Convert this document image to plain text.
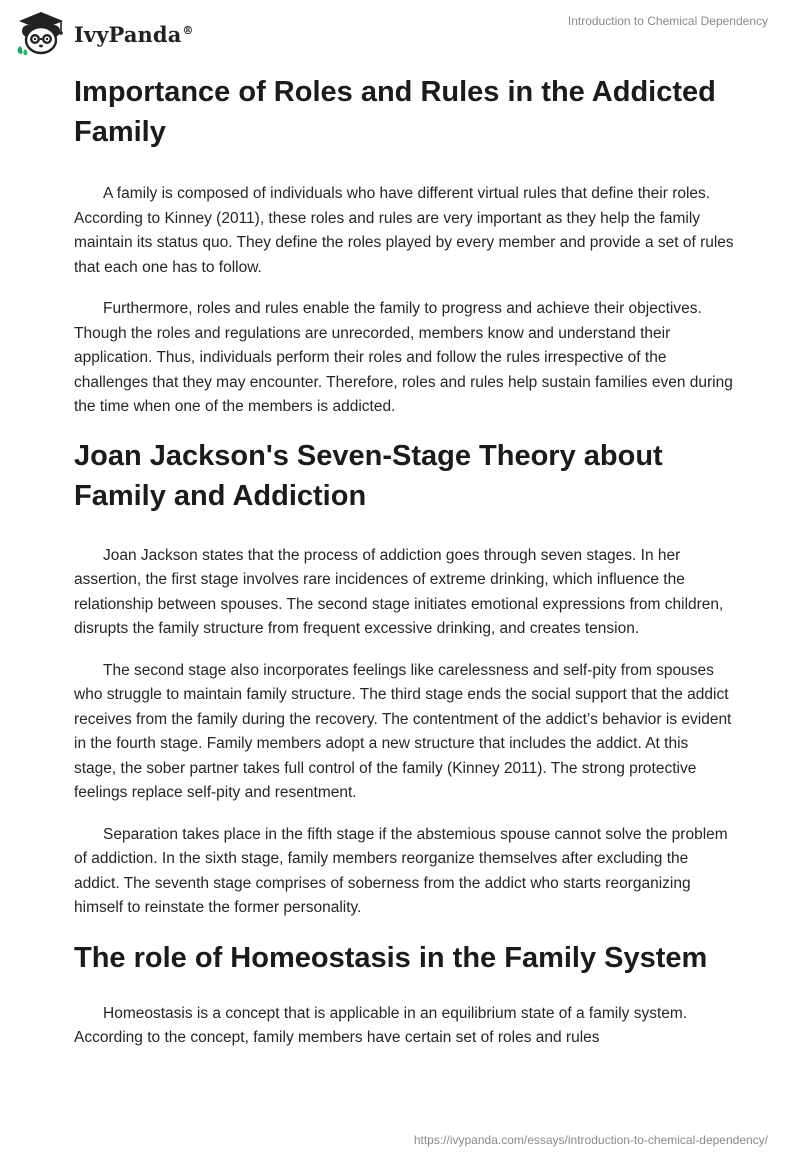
IvyPanda®
Introduction to Chemical Dependency
Importance of Roles and Rules in the Addicted Family

A family is composed of individuals who have different virtual rules that define their roles. According to Kinney (2011), these roles and rules are very important as they help the family maintain its status quo. They define the roles played by every member and provide a set of rules that each one has to follow.

Furthermore, roles and rules enable the family to progress and achieve their objectives. Though the roles and regulations are unrecorded, members know and understand their application. Thus, individuals perform their roles and follow the rules irrespective of the challenges that they may encounter. Therefore, roles and rules help sustain families even during the time when one of the members is addicted.

Joan Jackson's Seven-Stage Theory about Family and Addiction

Joan Jackson states that the process of addiction goes through seven stages. In her assertion, the first stage involves rare incidences of extreme drinking, which influence the relationship between spouses. The second stage initiates emotional expressions from children, disrupts the family structure from frequent excessive drinking, and creates tension.

The second stage also incorporates feelings like carelessness and self-pity from spouses who struggle to maintain family structure. The third stage ends the social support that the addict receives from the family during the recovery. The contentment of the addict’s behavior is evident in the fourth stage. Family members adopt a new structure that includes the addict. At this stage, the sober partner takes full control of the family (Kinney 2011). The strong protective feelings replace self-pity and resentment.

Separation takes place in the fifth stage if the abstemious spouse cannot solve the problem of addiction. In the sixth stage, family members reorganize themselves after excluding the addict. The seventh stage comprises of soberness from the addict who starts reorganizing himself to reinstate the former personality.

The role of Homeostasis in the Family System

Homeostasis is a concept that is applicable in an equilibrium state of a family system. According to the concept, family members have certain set of roles and rules

https://ivypanda.com/essays/introduction-to-chemical-dependency/
